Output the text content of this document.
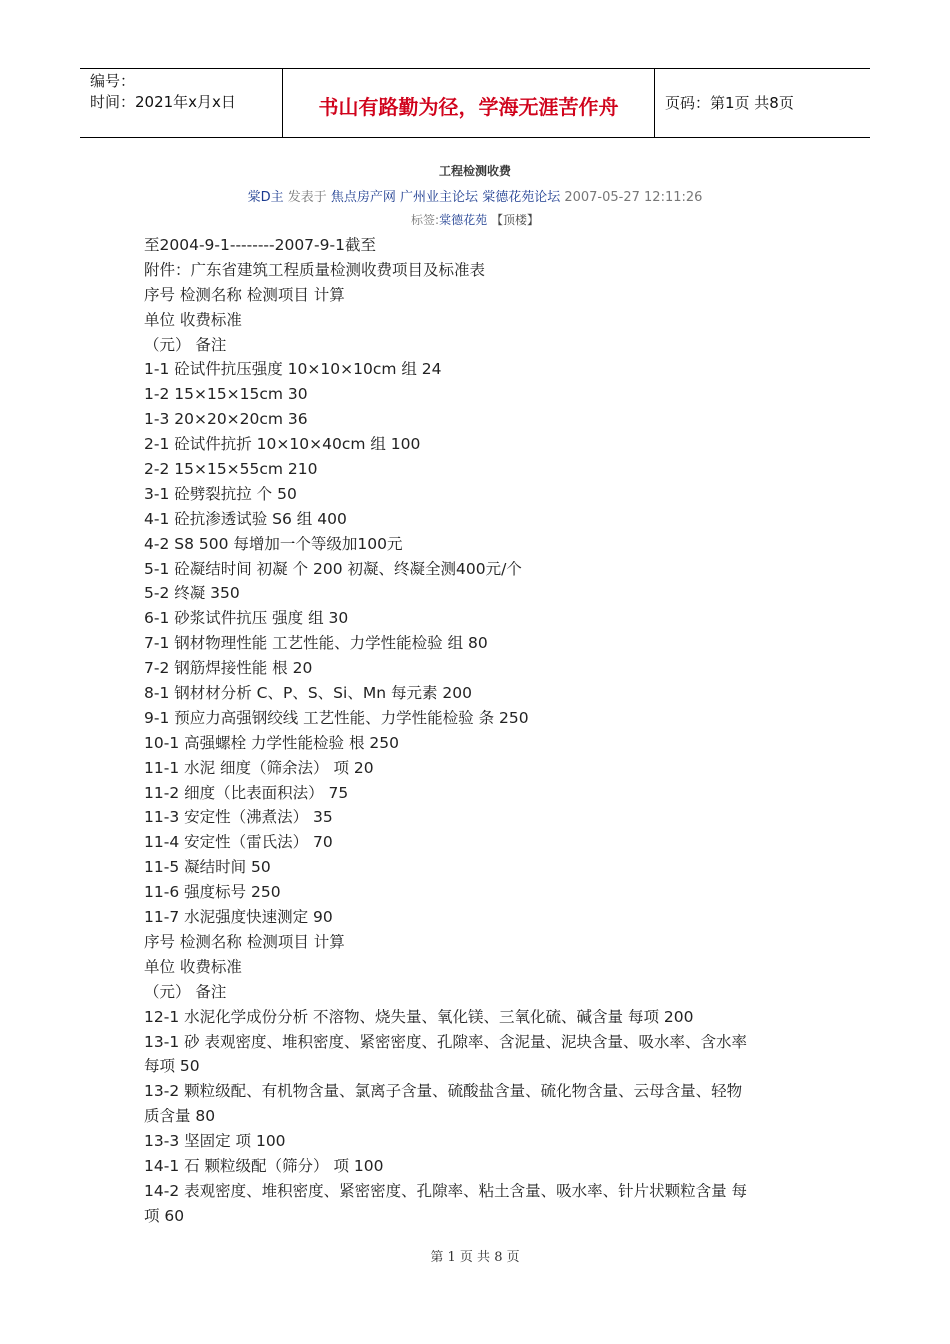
编号：
时间：2021年x月x日	书山有路勤为径，学海无涯苦作舟	页码：第1页 共8页
工程检测收费
棠D主 发表于 焦点房产网 广州业主论坛 棠德花苑论坛 2007-05-27 12:11:26
标签:棠德花苑 【顶楼】
至2004-9-1--------2007-9-1截至
附件：广东省建筑工程质量检测收费项目及标准表
序号 检测名称 检测项目 计算
单位 收费标准
（元） 备注
1-1 砼试件抗压强度 10×10×10cm 组 24
1-2 15×15×15cm 30
1-3 20×20×20cm 36
2-1 砼试件抗折 10×10×40cm 组 100
2-2 15×15×55cm 210
3-1 砼劈裂抗拉 个 50
4-1 砼抗渗透试验 S6 组 400
4-2 S8 500 每增加一个等级加100元
5-1 砼凝结时间 初凝 个 200 初凝、终凝全测400元/个
5-2 终凝 350
6-1 砂浆试件抗压 强度 组 30
7-1 钢材物理性能 工艺性能、力学性能检验 组 80
7-2 钢筋焊接性能 根 20
8-1 钢材材分析 C、P、S、Si、Mn 每元素 200
9-1 预应力高强钢绞线 工艺性能、力学性能检验 条 250
10-1 高强螺栓 力学性能检验 根 250
11-1 水泥 细度（筛余法） 项 20
11-2 细度（比表面积法） 75
11-3 安定性（沸煮法） 35
11-4 安定性（雷氏法） 70
11-5 凝结时间 50
11-6 强度标号 250
11-7 水泥强度快速测定 90
序号 检测名称 检测项目 计算
单位 收费标准
（元） 备注
12-1 水泥化学成份分析 不溶物、烧失量、氧化镁、三氧化硫、碱含量 每项 200
13-1 砂 表观密度、堆积密度、紧密密度、孔隙率、含泥量、泥块含量、吸水率、含水率
每项 50
13-2 颗粒级配、有机物含量、氯离子含量、硫酸盐含量、硫化物含量、云母含量、轻物
质含量 80
13-3 坚固定 项 100
14-1 石 颗粒级配（筛分） 项 100
14-2 表观密度、堆积密度、紧密密度、孔隙率、粘土含量、吸水率、针片状颗粒含量 每
项 60
第 1 页 共 8 页
